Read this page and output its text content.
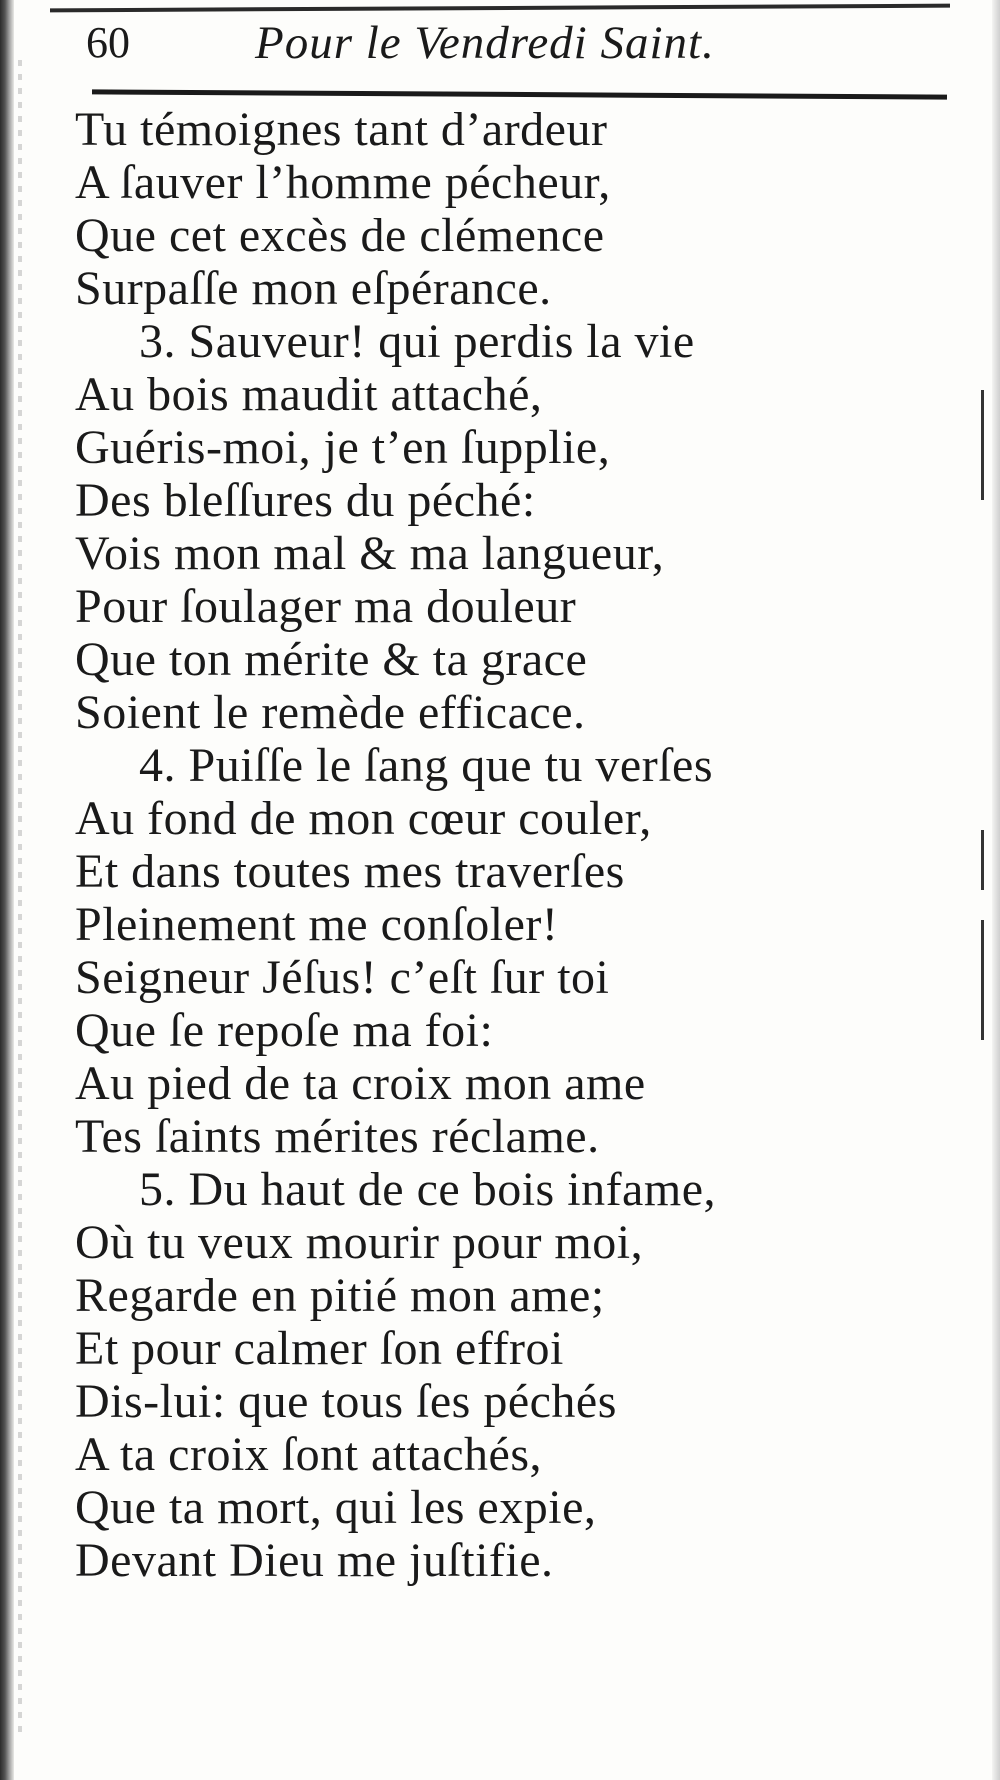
60	Pour le Vendredi Saint.
Tu témoignes tant d’ardeur
A ſauver l’homme pécheur,
Que cet excès de clémence
Surpaſſe mon eſpérance.
3. Sauveur! qui perdis la vie
Au bois maudit attaché,
Guéris-moi, je t’en ſupplie,
Des bleſſures du péché:
Vois mon mal & ma langueur,
Pour ſoulager ma douleur
Que ton mérite & ta grace
Soient le remède efficace.
4. Puiſſe le ſang que tu verſes
Au fond de mon cœur couler,
Et dans toutes mes traverſes
Pleinement me conſoler!
Seigneur Jéſus! c’eſt ſur toi
Que ſe repoſe ma foi:
Au pied de ta croix mon ame
Tes ſaints mérites réclame.
5. Du haut de ce bois infame,
Où tu veux mourir pour moi,
Regarde en pitié mon ame;
Et pour calmer ſon effroi
Dis-lui: que tous ſes péchés
A ta croix ſont attachés,
Que ta mort, qui les expie,
Devant Dieu me juſtifie.
